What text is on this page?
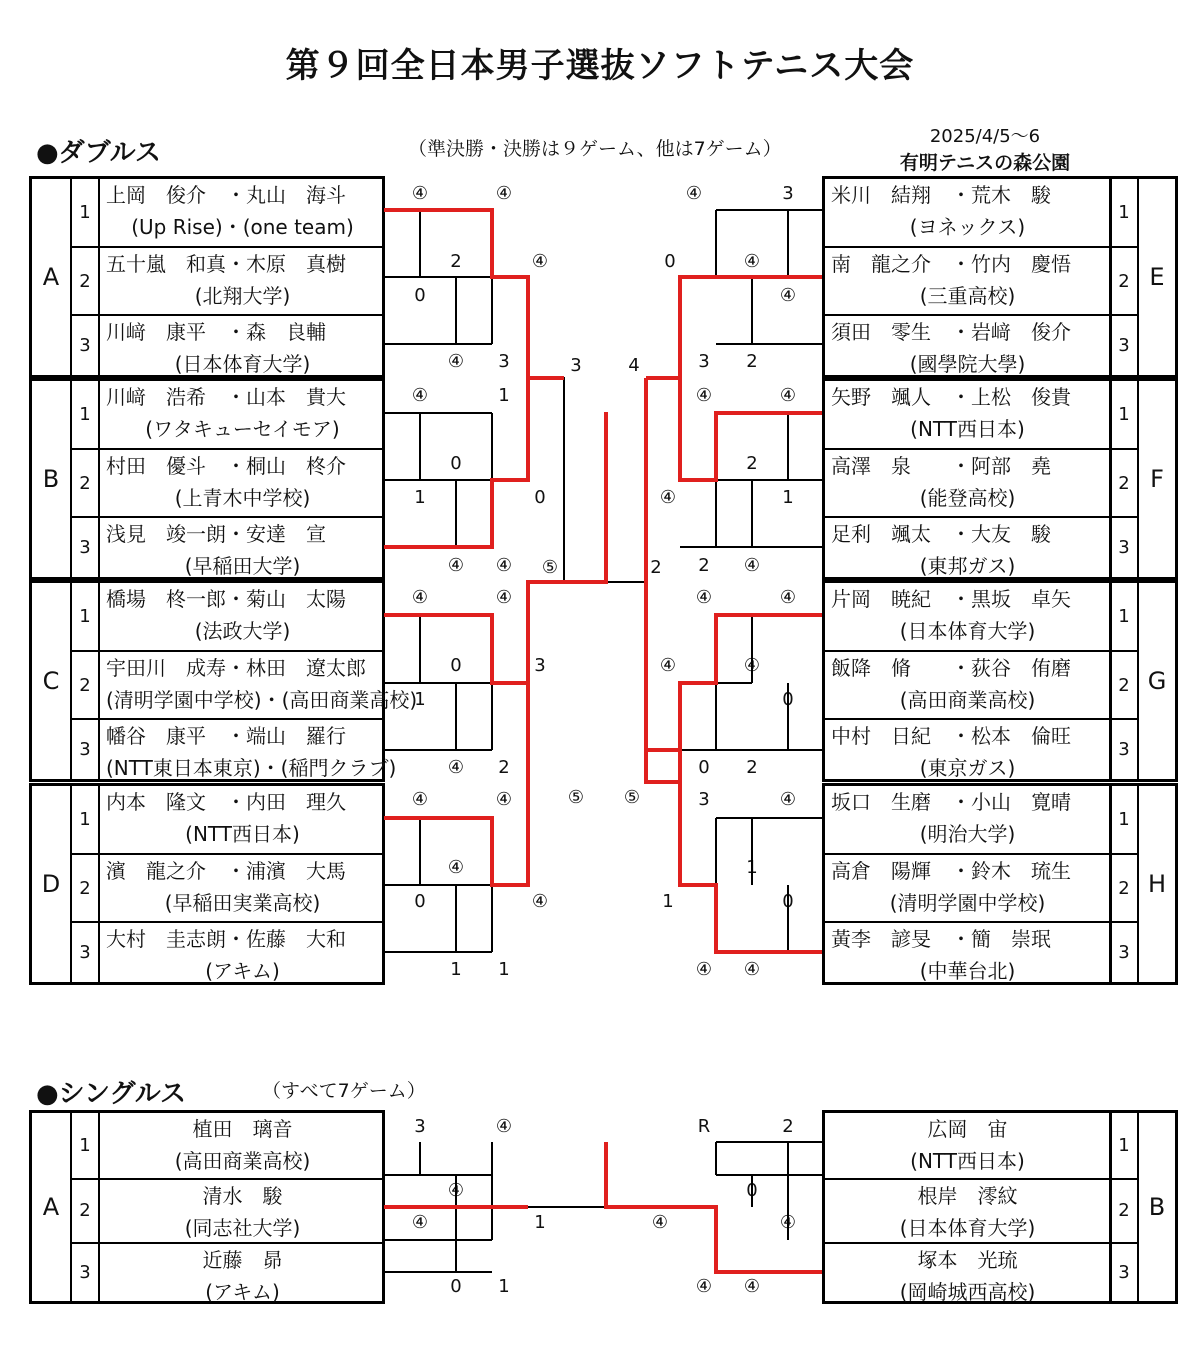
第９回全日本男子選抜ソフトテニス大会
●ダブルス	（準決勝・決勝は９ゲーム、他は7ゲーム）
2025/4/5～6
有明テニスの森公園
●シングルス	（すべて7ゲーム）
A
1
上岡　俊介　・丸山　海斗
(Up Rise)・(one team)
2
五十嵐　和真・木原　真樹
(北翔大学)
3
川﨑　康平　・森　良輔
(日本体育大学)
B
1
川﨑　浩希　・山本　貴大
(ワタキューセイモア)
2
村田　優斗　・桐山　柊介
(上青木中学校)
3
浅見　竣一朗・安達　宣
(早稲田大学)
C
1
橋場　柊一郎・菊山　太陽
(法政大学)
2
宇田川　成寿・林田　遼太郎
(清明学園中学校)・(高田商業高校)
3
幡谷　康平　・端山　羅行
(NTT東日本東京)・(稲門クラブ)
D
1
内本　隆文　・内田　理久
(NTT西日本)
2
濱　龍之介　・浦濱　大馬
(早稲田実業高校)
3
大村　圭志朗・佐藤　大和
(アキム)
E
1
米川　結翔　・荒木　駿
(ヨネックス)
2
南　龍之介　・竹内　慶悟
(三重高校)
3
須田　零生　・岩﨑　俊介
(國學院大學)
F
1
矢野　颯人　・上松　俊貴
(NTT西日本)
2
高澤　泉　　・阿部　堯
(能登高校)
3
足利　颯太　・大友　駿
(東邦ガス)
G
1
片岡　暁紀　・黒坂　卓矢
(日本体育大学)
2
飯降　脩　　・荻谷　侑磨
(高田商業高校)
3
中村　日紀　・松本　倫旺
(東京ガス)
H
1
坂口　生磨　・小山　寛晴
(明治大学)
2
高倉　陽輝　・鈴木　琉生
(清明学園中学校)
3
黃李　諺旻　・簡　崇珉
(中華台北)
A
1
植田　璃音
(高田商業高校)
2
清水　駿
(同志社大学)
3
近藤　昴
(アキム)
B
1
広岡　宙
(NTT西日本)
2
根岸　澪紋
(日本体育大学)
3
塚本　光琉
(岡崎城西高校)
④	④
2
0
④
④	3
④	1
0
1	0
④ ④
④	④
0	3
1
④	2
④	④
④
0	④
1	1
3
⑤ ⑤
⑤
④	3
0	④
④
3	2
④	④
2
④	1
2	④
④	④
④	④
0
0	2
3	④
1
1	0
④ ④
4
2
3	④
④
④	1
0	1
R	2
0
④	④
④ ④
